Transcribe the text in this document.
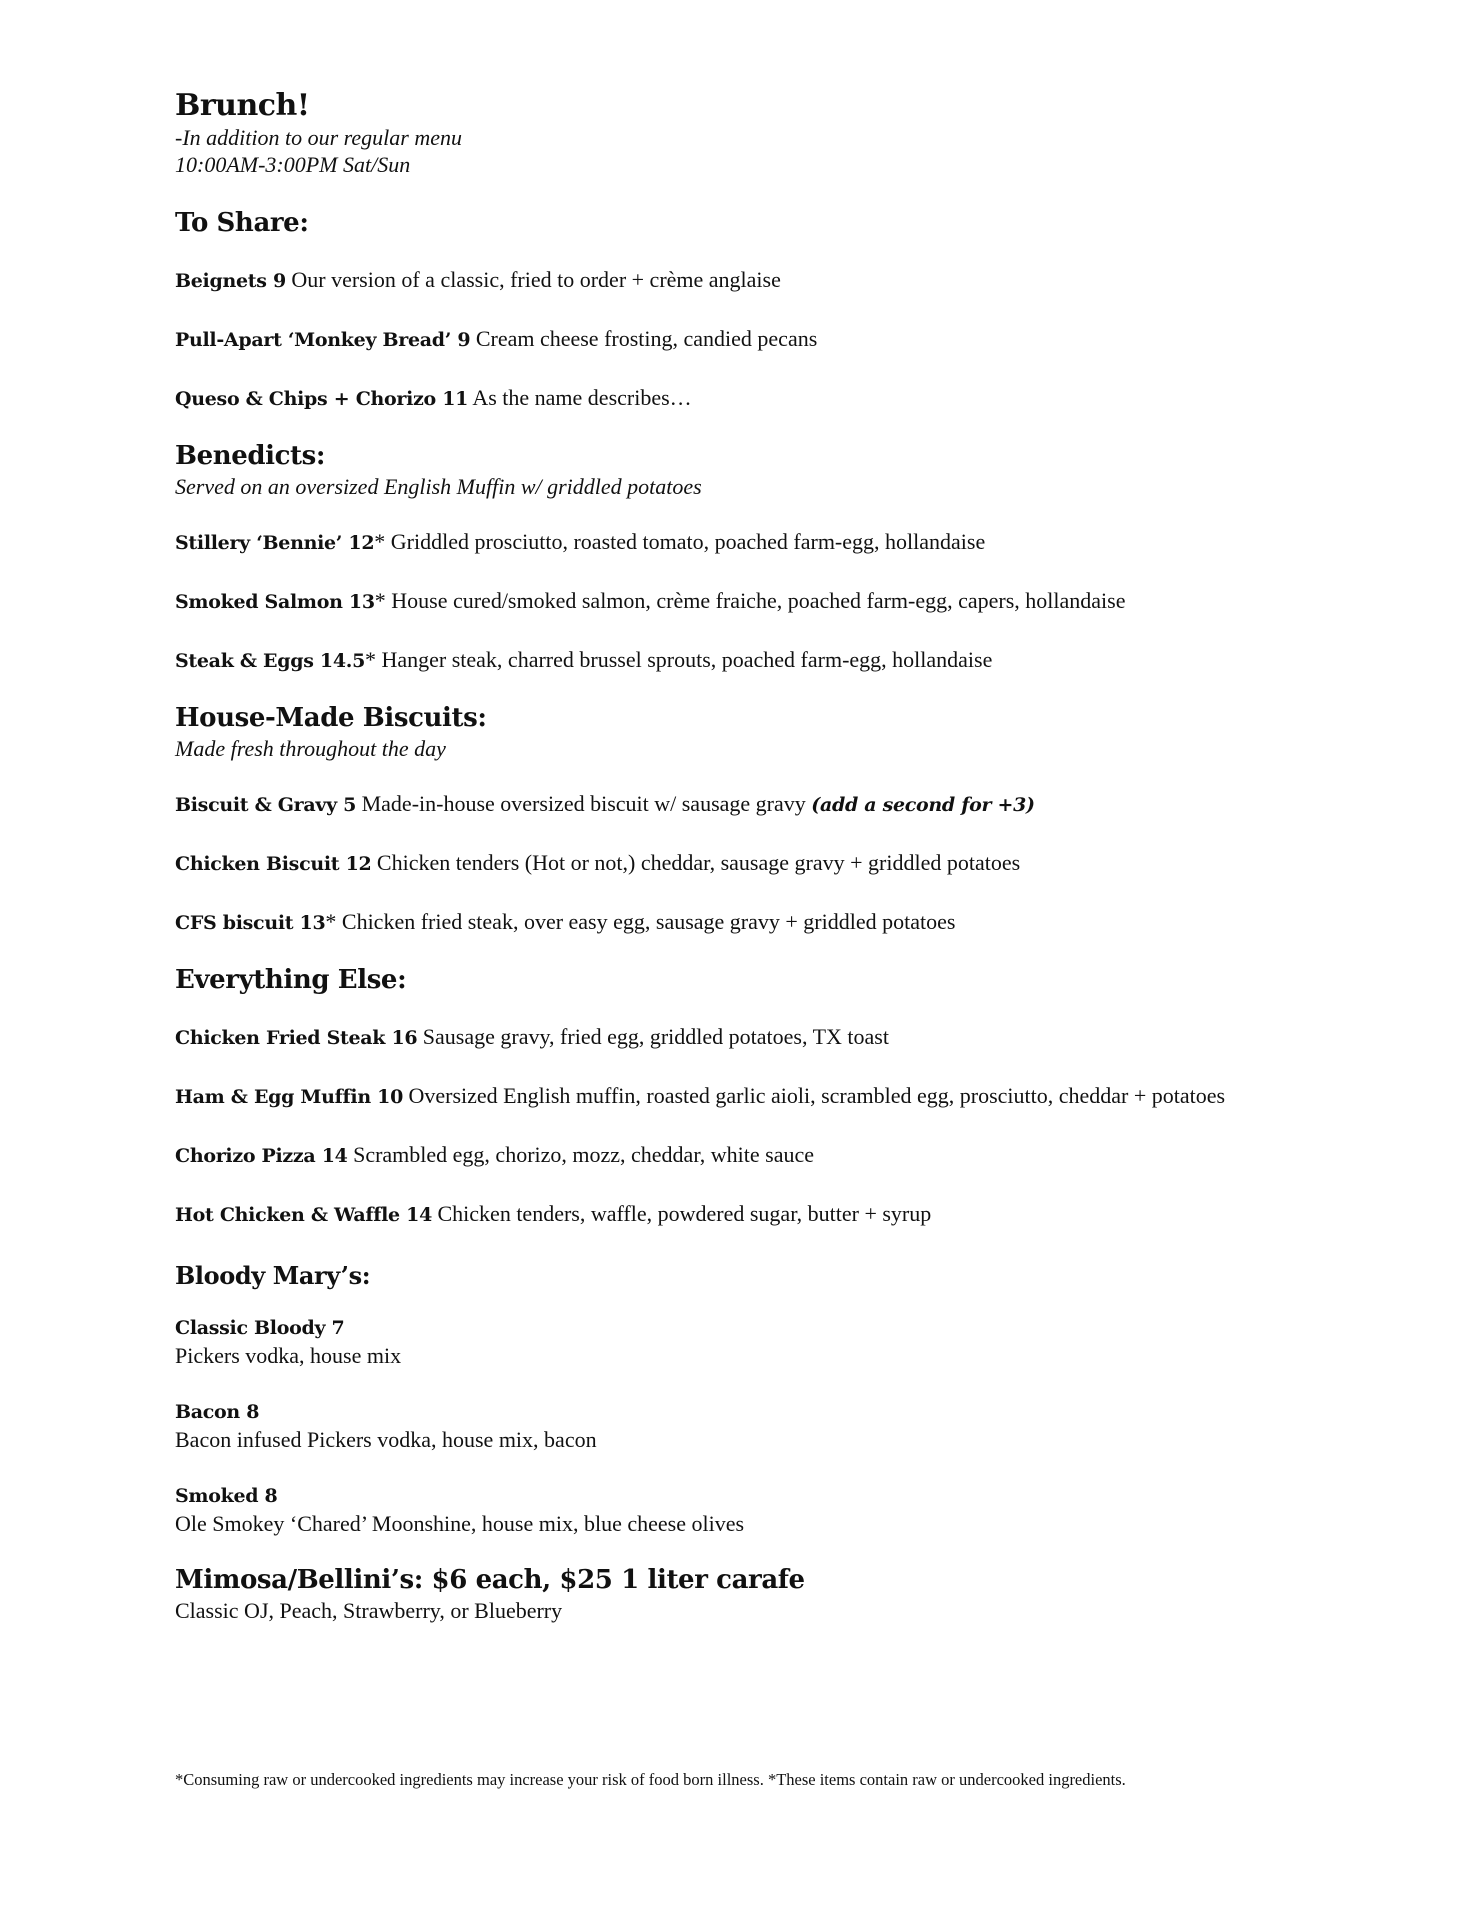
Brunch!

-In addition to our regular menu

10:00AM-3:00PM Sat/Sun

To Share:

Beignets 9 Our version of a classic, fried to order + crème anglaise

Pull-Apart ‘Monkey Bread’ 9 Cream cheese frosting, candied pecans

Queso & Chips + Chorizo 11 As the name describes…

Benedicts:

Served on an oversized English Muffin w/ griddled potatoes

Stillery ‘Bennie’ 12* Griddled prosciutto, roasted tomato, poached farm-egg, hollandaise

Smoked Salmon 13* House cured/smoked salmon, crème fraiche, poached farm-egg, capers, hollandaise

Steak & Eggs 14.5* Hanger steak, charred brussel sprouts, poached farm-egg, hollandaise

House-Made Biscuits:

Made fresh throughout the day

Biscuit & Gravy 5 Made-in-house oversized biscuit w/ sausage gravy (add a second for +3)

Chicken Biscuit 12 Chicken tenders (Hot or not,) cheddar, sausage gravy + griddled potatoes

CFS biscuit 13* Chicken fried steak, over easy egg, sausage gravy + griddled potatoes

Everything Else:

Chicken Fried Steak 16 Sausage gravy, fried egg, griddled potatoes, TX toast

Ham & Egg Muffin 10 Oversized English muffin, roasted garlic aioli, scrambled egg, prosciutto, cheddar + potatoes

Chorizo Pizza 14 Scrambled egg, chorizo, mozz, cheddar, white sauce

Hot Chicken & Waffle 14 Chicken tenders, waffle, powdered sugar, butter + syrup

Bloody Mary’s:

Classic Bloody 7
Pickers vodka, house mix

Bacon 8
Bacon infused Pickers vodka, house mix, bacon

Smoked 8
Ole Smokey ‘Chared’ Moonshine, house mix, blue cheese olives

Mimosa/Bellini’s: $6 each, $25 1 liter carafe

Classic OJ, Peach, Strawberry, or Blueberry

*Consuming raw or undercooked ingredients may increase your risk of food born illness. *These items contain raw or undercooked ingredients.
